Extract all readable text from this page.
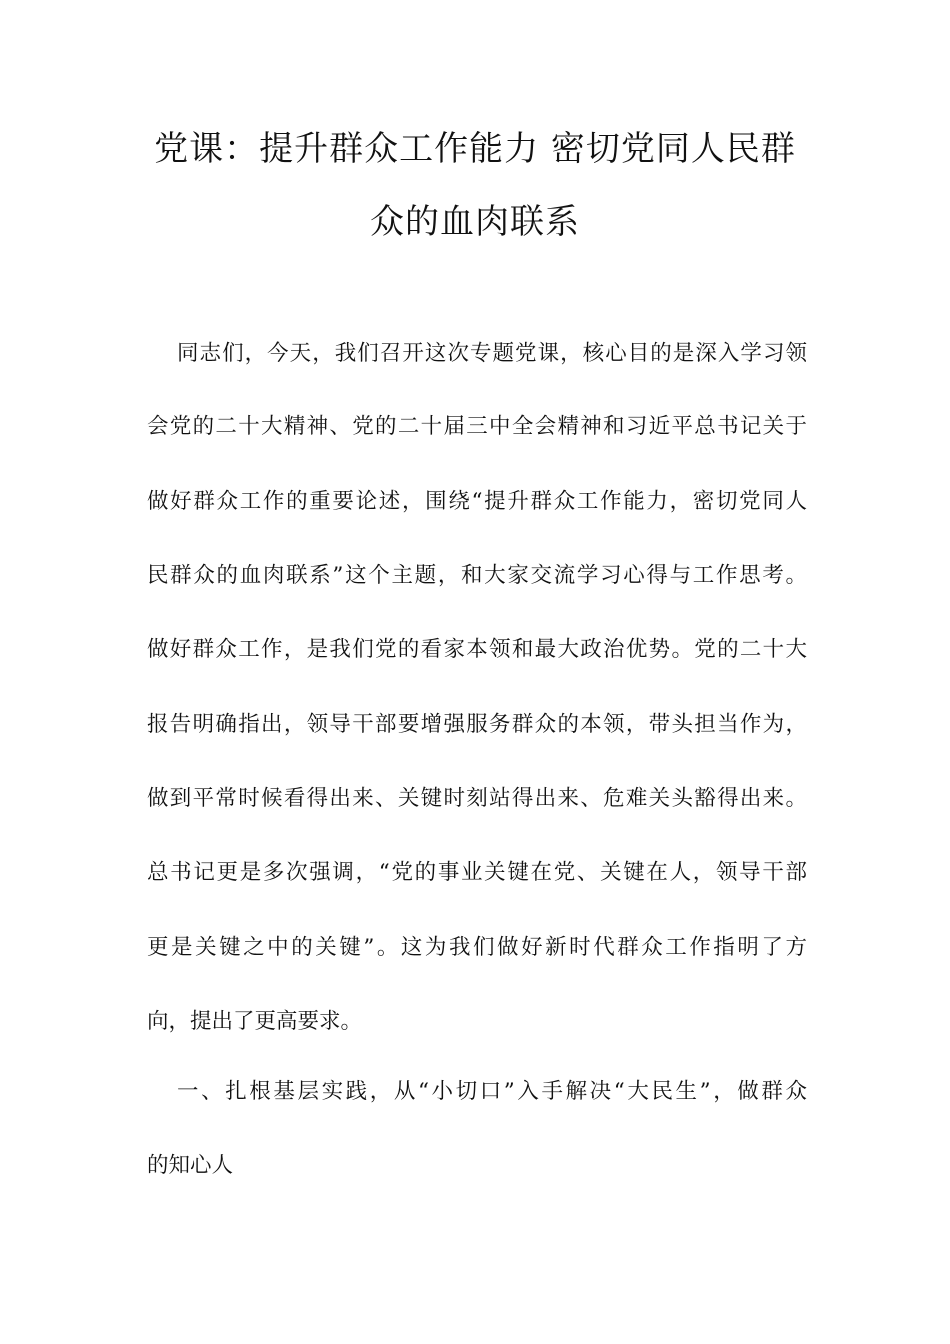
党课：提升群众工作能力 密切党同人民群
众的血肉联系
同志们，今天，我们召开这次专题党课，核心目的是深入学习领
会党的二十大精神、党的二十届三中全会精神和习近平总书记关于
做好群众工作的重要论述，围绕“提升群众工作能力，密切党同人
民群众的血肉联系”这个主题，和大家交流学习心得与工作思考。
做好群众工作，是我们党的看家本领和最大政治优势。党的二十大
报告明确指出，领导干部要增强服务群众的本领，带头担当作为，
做到平常时候看得出来、关键时刻站得出来、危难关头豁得出来。
总书记更是多次强调，“党的事业关键在党、关键在人，领导干部
更是关键之中的关键”。这为我们做好新时代群众工作指明了方
向，提出了更高要求。
一、扎根基层实践，从“小切口”入手解决“大民生”，做群众
的知心人
